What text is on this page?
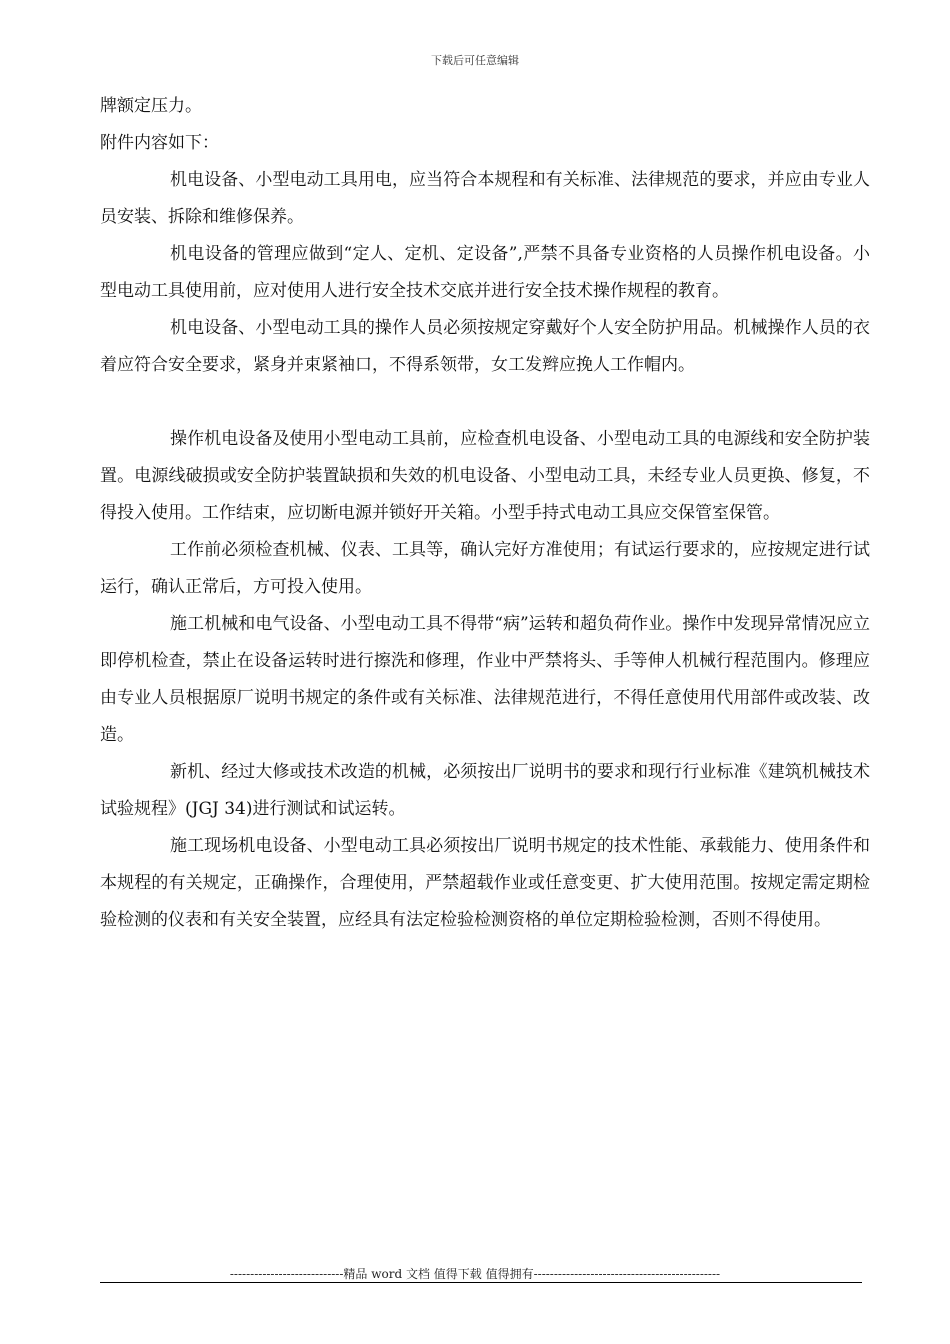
下载后可任意编辑

牌额定压力。

附件内容如下：

机电设备、小型电动工具用电，应当符合本规程和有关标准、法律规范的要求，并应由专业人员安装、拆除和维修保养。

机电设备的管理应做到“定人、定机、定设备”,严禁不具备专业资格的人员操作机电设备。小型电动工具使用前，应对使用人进行安全技术交底并进行安全技术操作规程的教育。

机电设备、小型电动工具的操作人员必须按规定穿戴好个人安全防护用品。机械操作人员的衣着应符合安全要求，紧身并束紧袖口，不得系领带，女工发辫应挽人工作帽内。

操作机电设备及使用小型电动工具前，应检查机电设备、小型电动工具的电源线和安全防护装置。电源线破损或安全防护装置缺损和失效的机电设备、小型电动工具，未经专业人员更换、修复，不得投入使用。工作结束，应切断电源并锁好开关箱。小型手持式电动工具应交保管室保管。

工作前必须检查机械、仪表、工具等，确认完好方准使用；有试运行要求的，应按规定进行试运行，确认正常后，方可投入使用。

施工机械和电气设备、小型电动工具不得带“病”运转和超负荷作业。操作中发现异常情况应立即停机检查，禁止在设备运转时进行擦洗和修理，作业中严禁将头、手等伸人机械行程范围内。修理应由专业人员根据原厂说明书规定的条件或有关标准、法律规范进行，不得任意使用代用部件或改装、改造。

新机、经过大修或技术改造的机械，必须按出厂说明书的要求和现行行业标准《建筑机械技术试验规程》(JGJ 34)进行测试和试运转。

施工现场机电设备、小型电动工具必须按出厂说明书规定的技术性能、承载能力、使用条件和本规程的有关规定，正确操作，合理使用，严禁超载作业或任意变更、扩大使用范围。按规定需定期检验检测的仪表和有关安全装置，应经具有法定检验检测资格的单位定期检验检测，否则不得使用。

----------------------------精品 word 文档 值得下载 值得拥有----------------------------------------------
